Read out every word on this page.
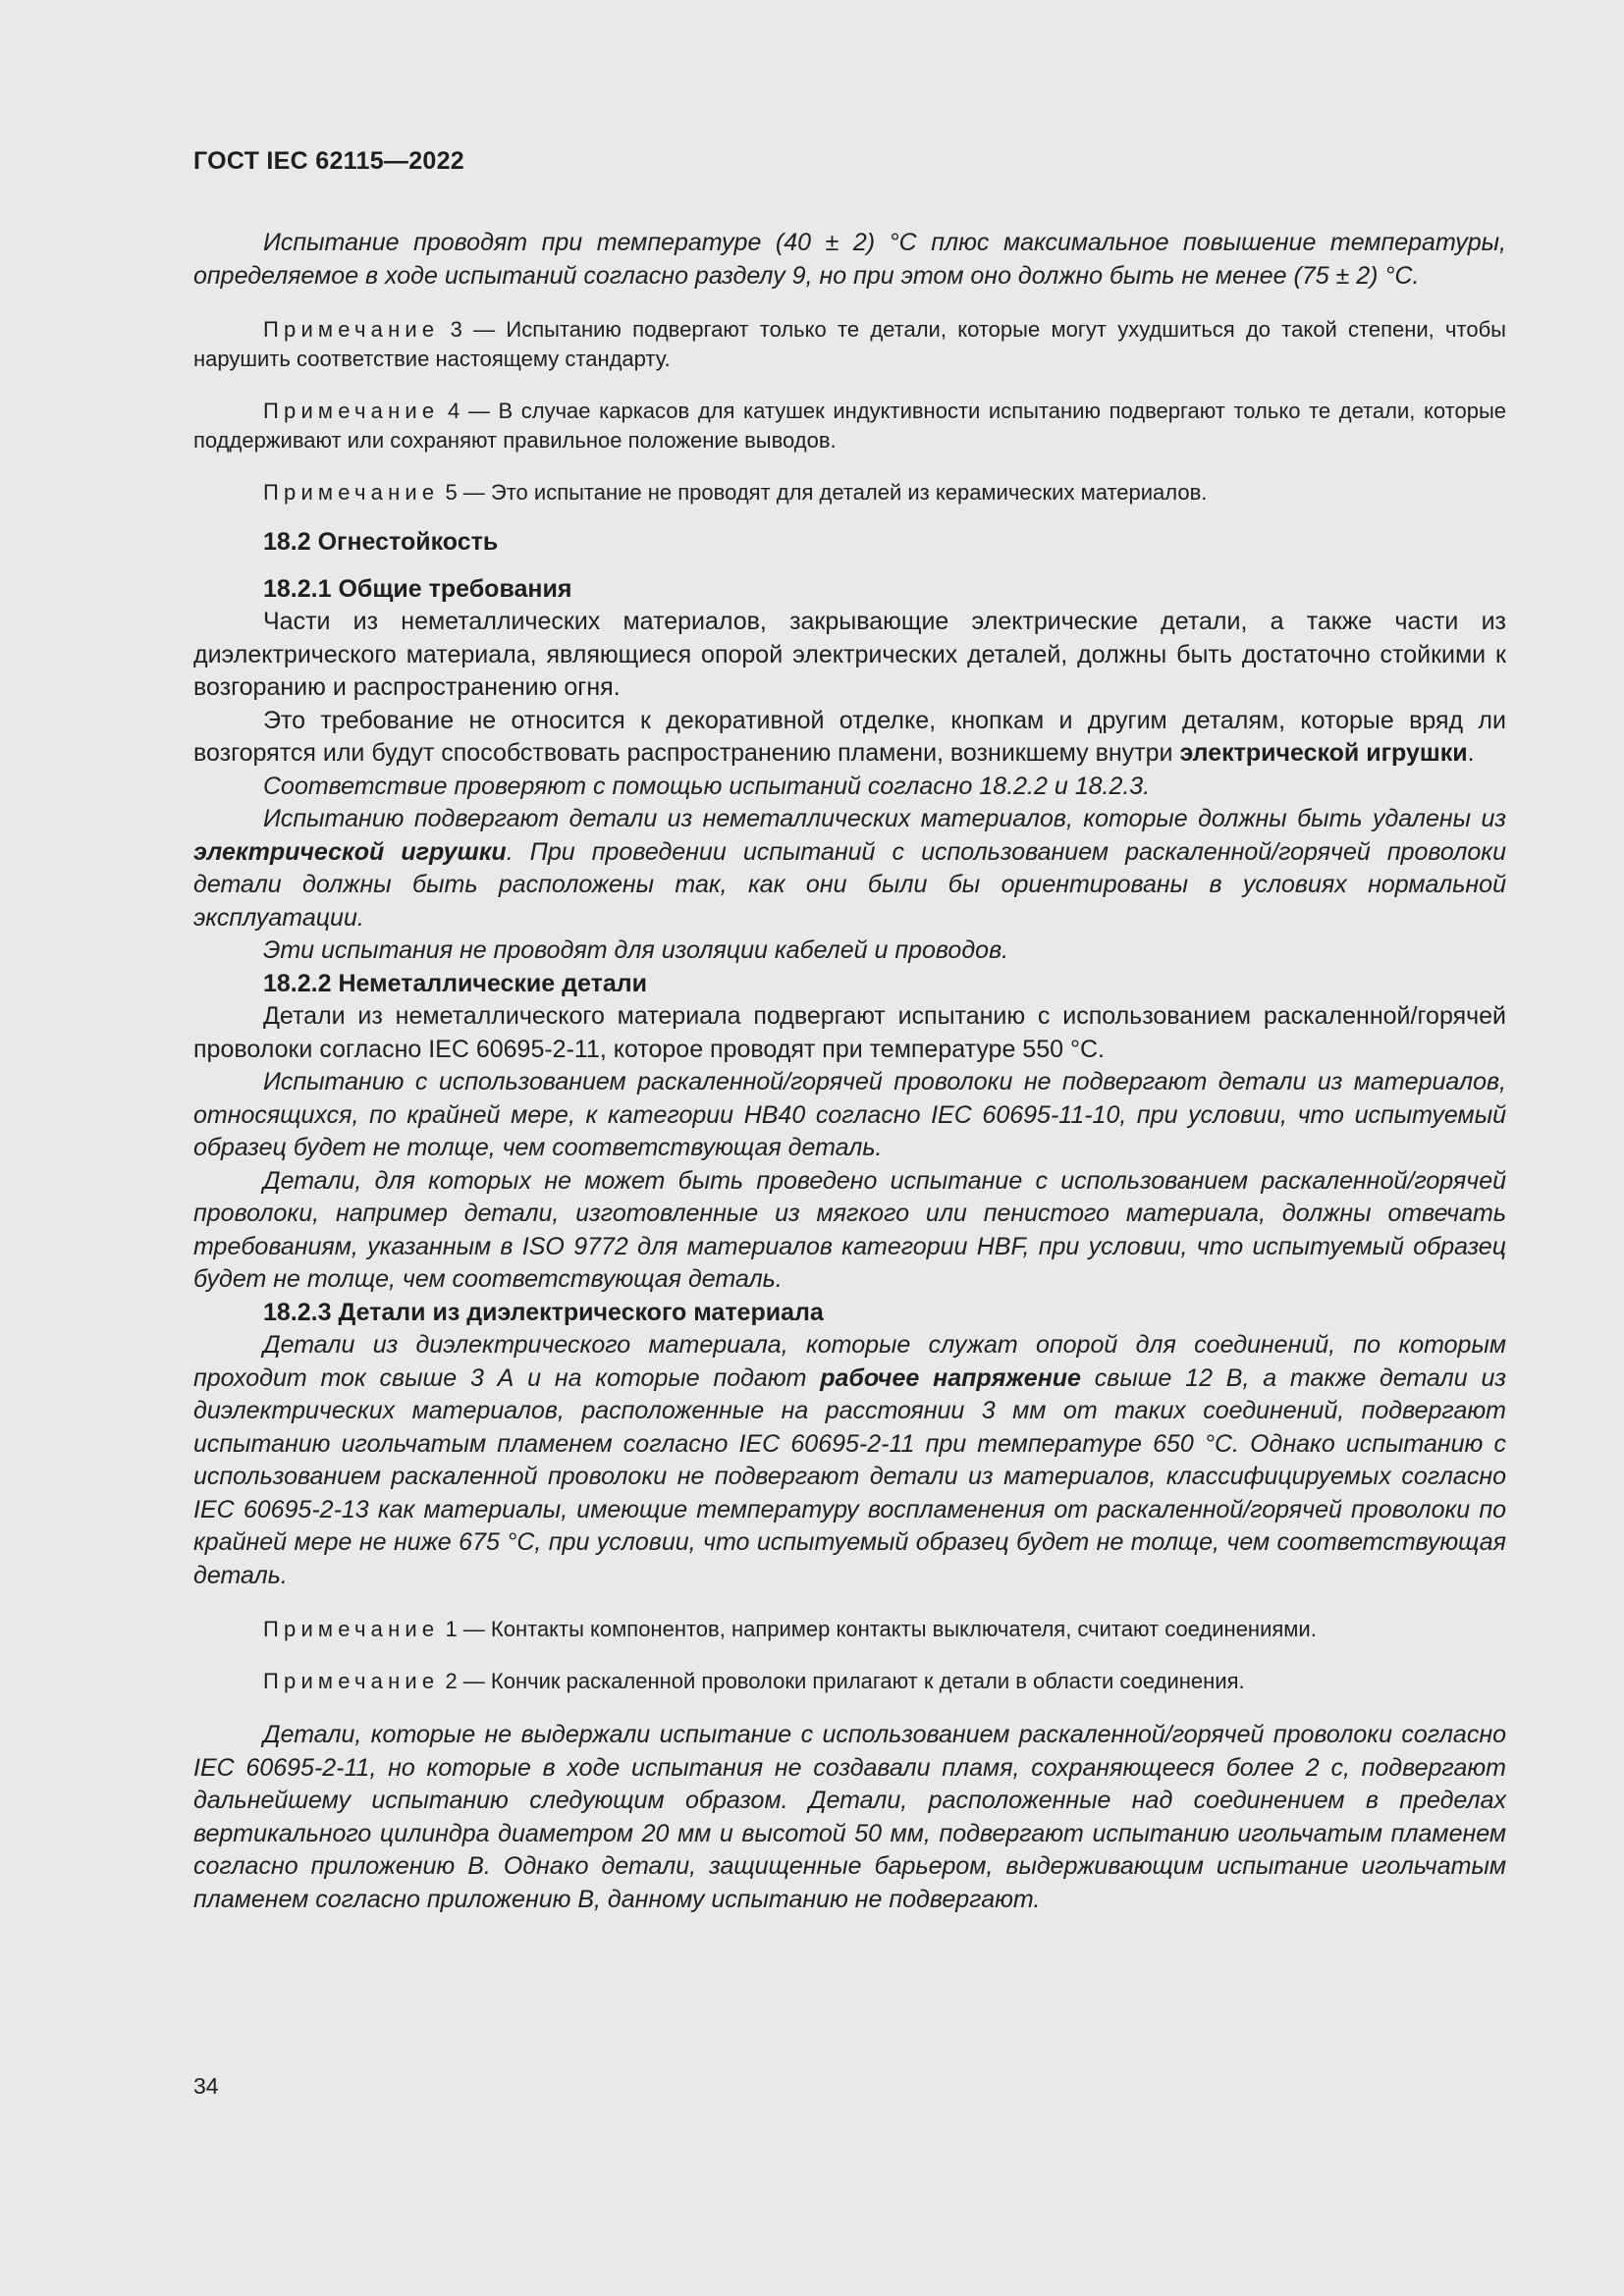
ГОСТ IEC 62115—2022

Испытание проводят при температуре (40 ± 2) °С плюс максимальное повышение температуры, определяемое в ходе испытаний согласно разделу 9, но при этом оно должно быть не менее (75 ± 2) °С.

Примечание 3 — Испытанию подвергают только те детали, которые могут ухудшиться до такой степени, чтобы нарушить соответствие настоящему стандарту.

Примечание 4 — В случае каркасов для катушек индуктивности испытанию подвергают только те детали, которые поддерживают или сохраняют правильное положение выводов.

Примечание 5 — Это испытание не проводят для деталей из керамических материалов.

18.2 Огнестойкость

18.2.1 Общие требования

Части из неметаллических материалов, закрывающие электрические детали, а также части из диэлектрического материала, являющиеся опорой электрических деталей, должны быть достаточно стойкими к возгоранию и распространению огня.

Это требование не относится к декоративной отделке, кнопкам и другим деталям, которые вряд ли возгорятся или будут способствовать распространению пламени, возникшему внутри электрической игрушки.

Соответствие проверяют с помощью испытаний согласно 18.2.2 и 18.2.3.

Испытанию подвергают детали из неметаллических материалов, которые должны быть удалены из электрической игрушки. При проведении испытаний с использованием раскаленной/горячей проволоки детали должны быть расположены так, как они были бы ориентированы в условиях нормальной эксплуатации.

Эти испытания не проводят для изоляции кабелей и проводов.

18.2.2 Неметаллические детали

Детали из неметаллического материала подвергают испытанию с использованием раскаленной/горячей проволоки согласно IEC 60695-2-11, которое проводят при температуре 550 °С.

Испытанию с использованием раскаленной/горячей проволоки не подвергают детали из материалов, относящихся, по крайней мере, к категории HB40 согласно IEC 60695-11-10, при условии, что испытуемый образец будет не толще, чем соответствующая деталь.

Детали, для которых не может быть проведено испытание с использованием раскаленной/горячей проволоки, например детали, изготовленные из мягкого или пенистого материала, должны отвечать требованиям, указанным в ISO 9772 для материалов категории HBF, при условии, что испытуемый образец будет не толще, чем соответствующая деталь.

18.2.3 Детали из диэлектрического материала

Детали из диэлектрического материала, которые служат опорой для соединений, по которым проходит ток свыше 3 А и на которые подают рабочее напряжение свыше 12 В, а также детали из диэлектрических материалов, расположенные на расстоянии 3 мм от таких соединений, подвергают испытанию игольчатым пламенем согласно IEC 60695-2-11 при температуре 650 °С. Однако испытанию с использованием раскаленной проволоки не подвергают детали из материалов, классифицируемых согласно IEC 60695-2-13 как материалы, имеющие температуру воспламенения от раскаленной/горячей проволоки по крайней мере не ниже 675 °С, при условии, что испытуемый образец будет не толще, чем соответствующая деталь.

Примечание 1 — Контакты компонентов, например контакты выключателя, считают соединениями.

Примечание 2 — Кончик раскаленной проволоки прилагают к детали в области соединения.

Детали, которые не выдержали испытание с использованием раскаленной/горячей проволоки согласно IEC 60695-2-11, но которые в ходе испытания не создавали пламя, сохраняющееся более 2 с, подвергают дальнейшему испытанию следующим образом. Детали, расположенные над соединением в пределах вертикального цилиндра диаметром 20 мм и высотой 50 мм, подвергают испытанию игольчатым пламенем согласно приложению В. Однако детали, защищенные барьером, выдерживающим испытание игольчатым пламенем согласно приложению В, данному испытанию не подвергают.

34
